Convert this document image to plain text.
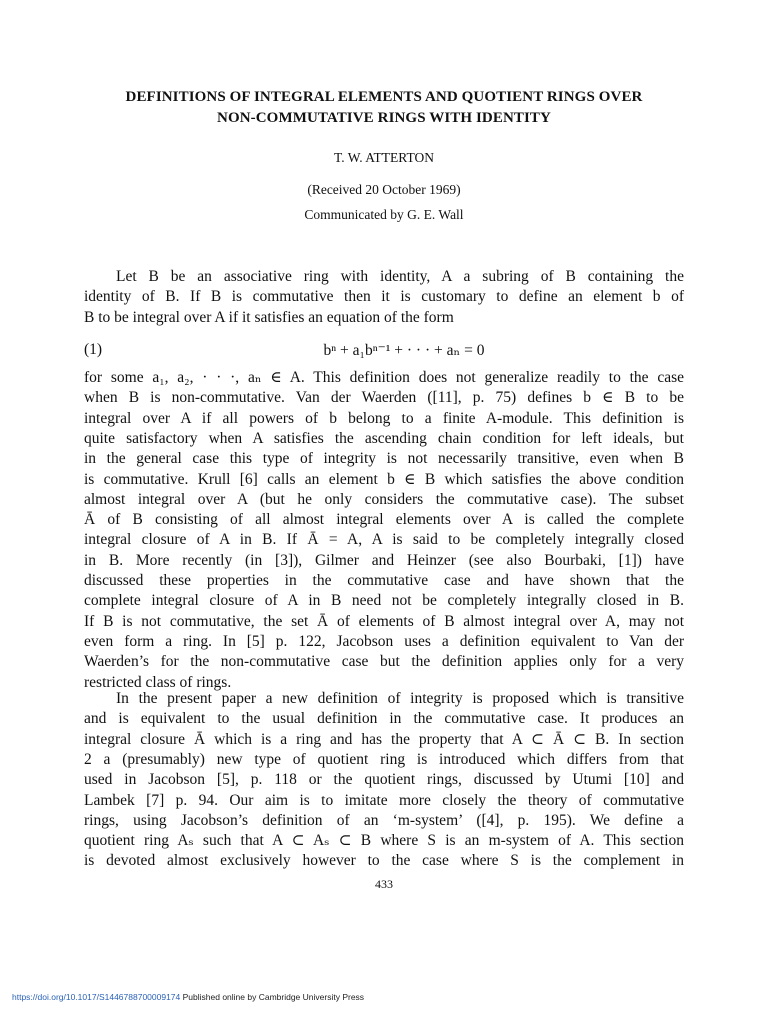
DEFINITIONS OF INTEGRAL ELEMENTS AND QUOTIENT RINGS OVER
NON-COMMUTATIVE RINGS WITH IDENTITY
T. W. ATTERTON
(Received 20 October 1969)
Communicated by G. E. Wall
Let B be an associative ring with identity, A a subring of B containing the
identity of B. If B is commutative then it is customary to define an element b of
B to be integral over A if it satisfies an equation of the form
(1)	bⁿ + a₁bⁿ⁻¹ + · · · + aₙ = 0
for some a₁, a₂, · · ·, aₙ ∈ A. This definition does not generalize readily to the case
when B is non-commutative. Van der Waerden ([11], p. 75) defines b ∈ B to be
integral over A if all powers of b belong to a finite A-module. This definition is
quite satisfactory when A satisfies the ascending chain condition for left ideals, but
in the general case this type of integrity is not necessarily transitive, even when B
is commutative. Krull [6] calls an element b ∈ B which satisfies the above condition
almost integral over A (but he only considers the commutative case). The subset
Ā of B consisting of all almost integral elements over A is called the complete
integral closure of A in B. If Ā = A, A is said to be completely integrally closed
in B. More recently (in [3]), Gilmer and Heinzer (see also Bourbaki, [1]) have
discussed these properties in the commutative case and have shown that the
complete integral closure of A in B need not be completely integrally closed in B.
If B is not commutative, the set Ā of elements of B almost integral over A, may not
even form a ring. In [5] p. 122, Jacobson uses a definition equivalent to Van der
Waerden’s for the non-commutative case but the definition applies only for a very
restricted class of rings.
In the present paper a new definition of integrity is proposed which is transitive
and is equivalent to the usual definition in the commutative case. It produces an
integral closure Ā which is a ring and has the property that A ⊂ Ā ⊂ B. In section
2 a (presumably) new type of quotient ring is introduced which differs from that
used in Jacobson [5], p. 118 or the quotient rings, discussed by Utumi [10] and
Lambek [7] p. 94. Our aim is to imitate more closely the theory of commutative
rings, using Jacobson’s definition of an ‘m-system’ ([4], p. 195). We define a
quotient ring Aₛ such that A ⊂ Aₛ ⊂ B where S is an m-system of A. This section
is devoted almost exclusively however to the case where S is the complement in
433
https://doi.org/10.1017/S1446788700009174 Published online by Cambridge University Press
